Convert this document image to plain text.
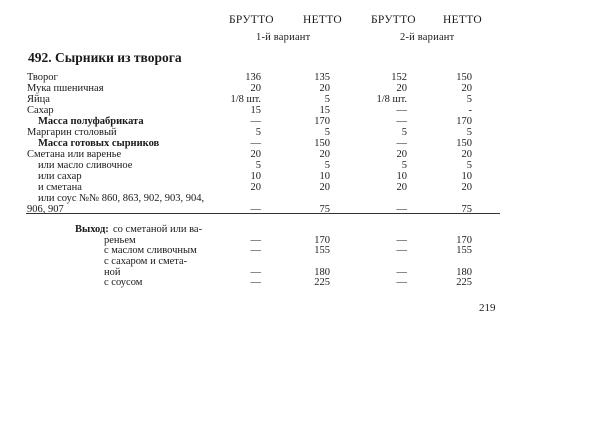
БРУТТО	НЕТТО	БРУТТО НЕТТО
1-й вариант	2-й вариант
492. Сырники из творога
Творог	136	135	152	150
Мука пшеничная	20	20	20	20
Яйца	1/8 шт.	5	1/8 шт.	5
Сахар	15	15	—	-
Масса полуфабриката	—	170	—	170
Маргарин столовый	5	5	5	5
Масса готовых сырников	—	150	—	150
Сметана или варенье	20	20	20	20
или масло сливочное	5	5	5	5
или сахар	10	10	10	10
и сметана	20	20	20	20
или соус №№ 860, 863, 902, 903, 904,
906, 907	—	75	—	75
Выход: со сметаной или ва-
реньем	—	170	—	170
с маслом сливочным	—	155	—	155
с сахаром и смета-
ной	—	180	—	180
с соусом	—	225	—	225
219
